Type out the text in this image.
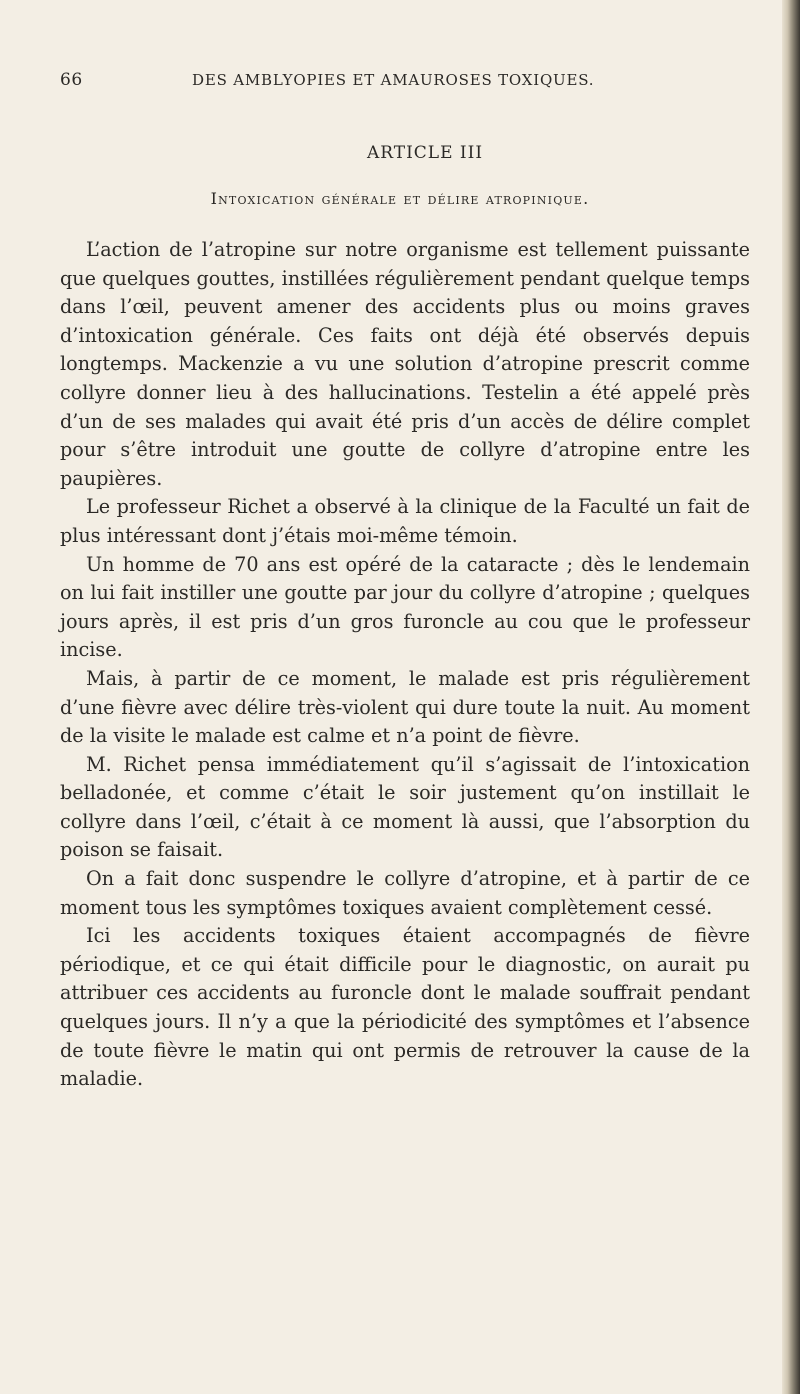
66	DES AMBLYOPIES ET AMAUROSES TOXIQUES.
ARTICLE III
Intoxication générale et délire atropinique.

L’action de l’atropine sur notre organisme est tellement puissante que quelques gouttes, instillées régulièrement pendant quelque temps dans l’œil, peuvent amener des accidents plus ou moins graves d’intoxication générale. Ces faits ont déjà été observés depuis longtemps. Mackenzie a vu une solution d’atropine prescrit comme collyre donner lieu à des hallucinations. Testelin a été appelé près d’un de ses malades qui avait été pris d’un accès de délire complet pour s’être introduit une goutte de collyre d’atropine entre les paupières.

Le professeur Richet a observé à la clinique de la Faculté un fait de plus intéressant dont j’étais moi-même témoin.

Un homme de 70 ans est opéré de la cataracte ; dès le lendemain on lui fait instiller une goutte par jour du collyre d’atropine ; quelques jours après, il est pris d’un gros furoncle au cou que le professeur incise.

Mais, à partir de ce moment, le malade est pris régulièrement d’une fièvre avec délire très-violent qui dure toute la nuit. Au moment de la visite le malade est calme et n’a point de fièvre.

M. Richet pensa immédiatement qu’il s’agissait de l’intoxication belladonée, et comme c’était le soir justement qu’on instillait le collyre dans l’œil, c’était à ce moment là aussi, que l’absorption du poison se faisait.

On a fait donc suspendre le collyre d’atropine, et à partir de ce moment tous les symptômes toxiques avaient complètement cessé.

Ici les accidents toxiques étaient accompagnés de fièvre périodique, et ce qui était difficile pour le diagnostic, on aurait pu attribuer ces accidents au furoncle dont le malade souffrait pendant quelques jours. Il n’y a que la périodicité des symptômes et l’absence de toute fièvre le matin qui ont permis de retrouver la cause de la maladie.
